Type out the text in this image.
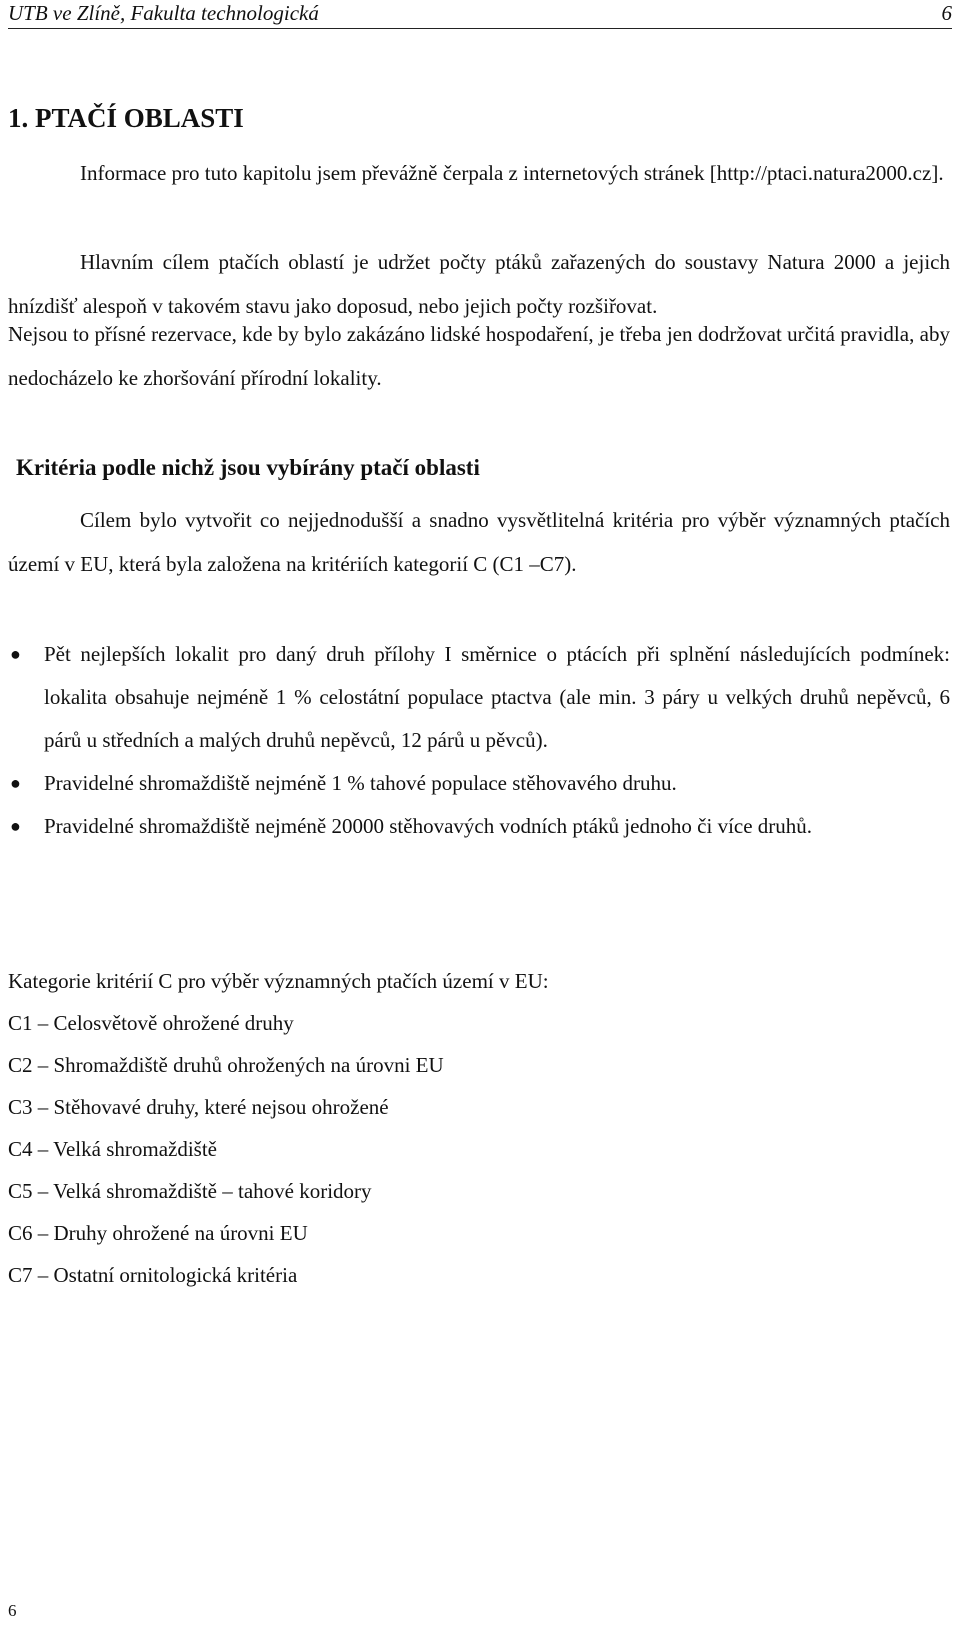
UTB ve Zlíně, Fakulta technologická	6
1. PTAČÍ OBLASTI

Informace pro tuto kapitolu jsem převážně čerpala z internetových stránek [http://ptaci.natura2000.cz].

Hlavním cílem ptačích oblastí je udržet počty ptáků zařazených do soustavy Natura 2000 a jejich hnízdišť alespoň v takovém stavu jako doposud, nebo jejich počty rozšiřovat.

Nejsou to přísné rezervace, kde by bylo zakázáno lidské hospodaření, je třeba jen dodržovat určitá pravidla, aby nedocházelo ke zhoršování přírodní lokality.

Kritéria podle nichž jsou vybírány ptačí oblasti

Cílem bylo vytvořit co nejjednodušší a snadno vysvětlitelná kritéria pro výběr významných ptačích území v EU, která byla založena na kritériích kategorií C (C1 –C7).

● Pět nejlepších lokalit pro daný druh přílohy I směrnice o ptácích při splnění následujících podmínek: lokalita obsahuje nejméně 1 % celostátní populace ptactva (ale min. 3 páry u velkých druhů nepěvců, 6 párů u středních a malých druhů nepěvců, 12 párů u pěvců).
● Pravidelné shromaždiště nejméně 1 % tahové populace stěhovavého druhu.
● Pravidelné shromaždiště nejméně 20000 stěhovavých vodních ptáků jednoho či více druhů.
Kategorie kritérií C pro výběr významných ptačích území v EU:
C1 – Celosvětově ohrožené druhy
C2 – Shromaždiště druhů ohrožených na úrovni EU
C3 – Stěhovavé druhy, které nejsou ohrožené
C4 – Velká shromaždiště
C5 – Velká shromaždiště – tahové koridory
C6 – Druhy ohrožené na úrovni EU
C7 – Ostatní ornitologická kritéria
6
